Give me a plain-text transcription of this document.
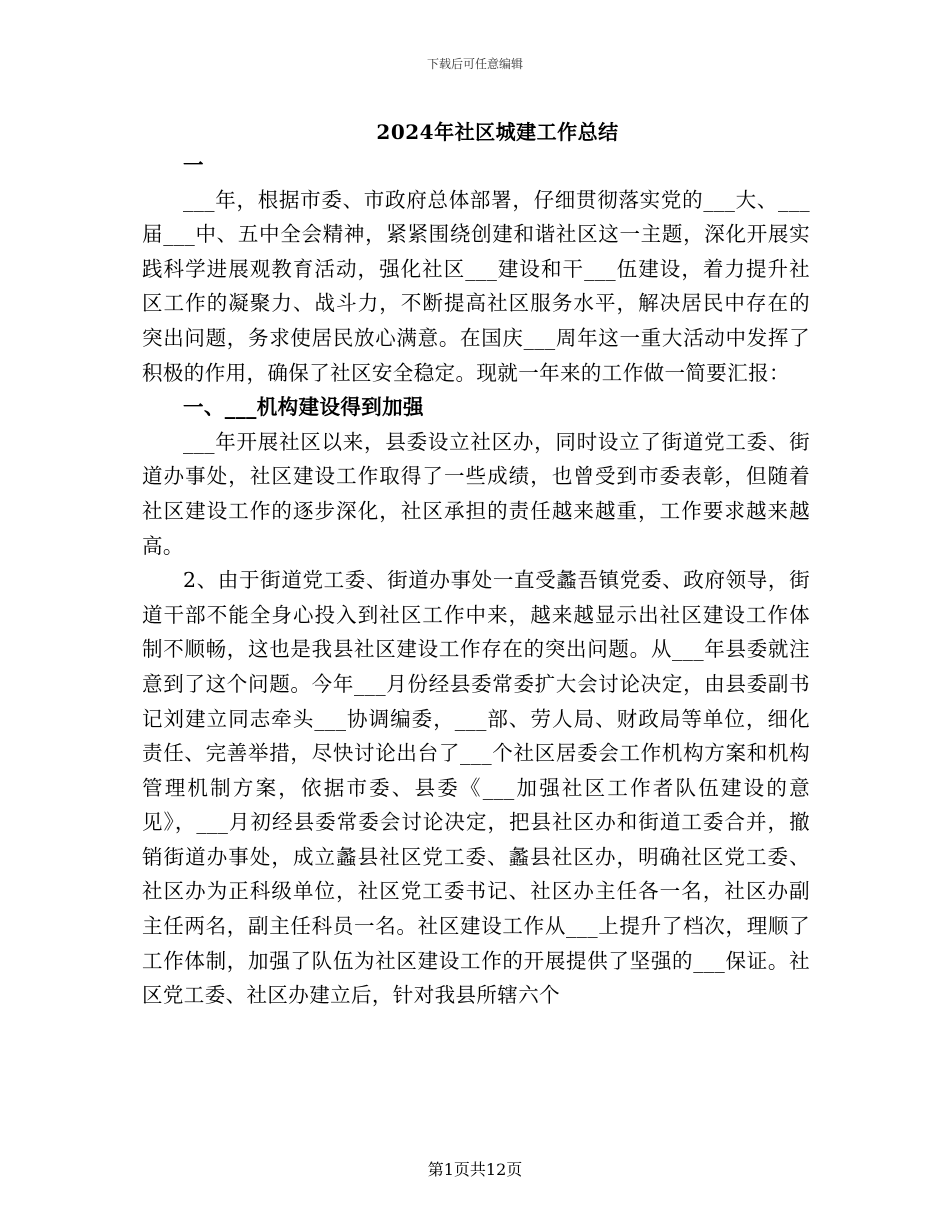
下载后可任意编辑
2024年社区城建工作总结

一

___年，根据市委、市政府总体部署，仔细贯彻落实党的___大、___届___中、五中全会精神，紧紧围绕创建和谐社区这一主题，深化开展实践科学进展观教育活动，强化社区___建设和干___伍建设，着力提升社区工作的凝聚力、战斗力，不断提高社区服务水平，解决居民中存在的突出问题，务求使居民放心满意。在国庆___周年这一重大活动中发挥了积极的作用，确保了社区安全稳定。现就一年来的工作做一简要汇报：

一、___机构建设得到加强

___年开展社区以来，县委设立社区办，同时设立了街道党工委、街道办事处，社区建设工作取得了一些成绩，也曾受到市委表彰，但随着社区建设工作的逐步深化，社区承担的责任越来越重，工作要求越来越高。

2、由于街道党工委、街道办事处一直受蠡吾镇党委、政府领导，街道干部不能全身心投入到社区工作中来，越来越显示出社区建设工作体制不顺畅，这也是我县社区建设工作存在的突出问题。从___年县委就注意到了这个问题。今年___月份经县委常委扩大会讨论决定，由县委副书记刘建立同志牵头___协调编委，___部、劳人局、财政局等单位，细化责任、完善举措，尽快讨论出台了___个社区居委会工作机构方案和机构管理机制方案，依据市委、县委《___加强社区工作者队伍建设的意见》，___月初经县委常委会讨论决定，把县社区办和街道工委合并，撤销街道办事处，成立蠡县社区党工委、蠡县社区办，明确社区党工委、社区办为正科级单位，社区党工委书记、社区办主任各一名，社区办副主任两名，副主任科员一名。社区建设工作从___上提升了档次，理顺了工作体制，加强了队伍为社区建设工作的开展提供了坚强的___保证。社区党工委、社区办建立后，针对我县所辖六个

第1页共12页
